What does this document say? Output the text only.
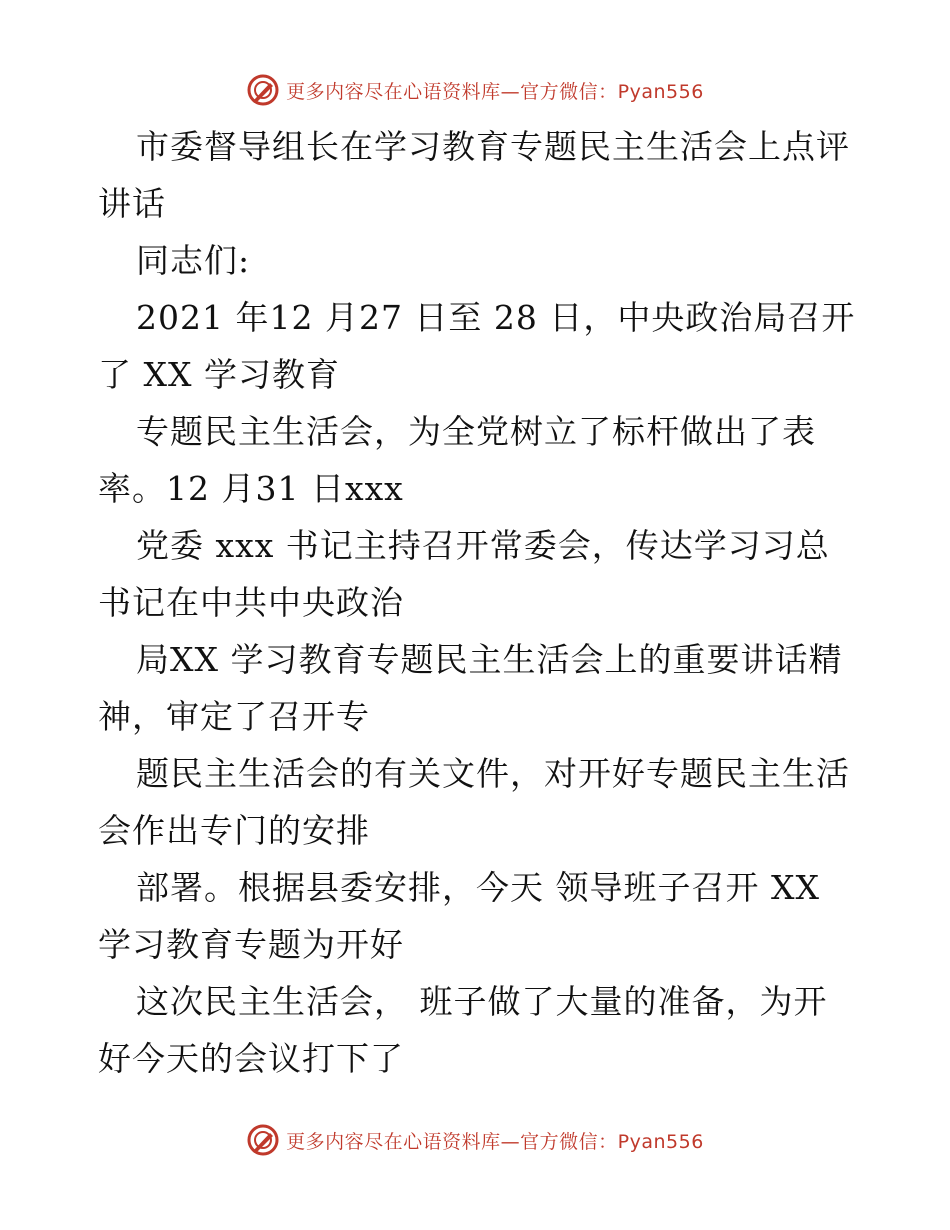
更多内容尽在心语资料库—官方微信：Pyan556
市委督导组长在学习教育专题民主生活会上点评
讲话
同志们:
2021 年12 月27 日至 28 日，中央政治局召开
了 XX 学习教育
专题民主生活会，为全党树立了标杆做出了表
率。12 月31 日xxx
党委 xxx 书记主持召开常委会，传达学习习总
书记在中共中央政治
局XX 学习教育专题民主生活会上的重要讲话精
神，审定了召开专
题民主生活会的有关文件，对开好专题民主生活
会作出专门的安排
部署。根据县委安排，今天 领导班子召开 XX
学习教育专题为开好
这次民主生活会， 班子做了大量的准备，为开
好今天的会议打下了
更多内容尽在心语资料库—官方微信：Pyan556
